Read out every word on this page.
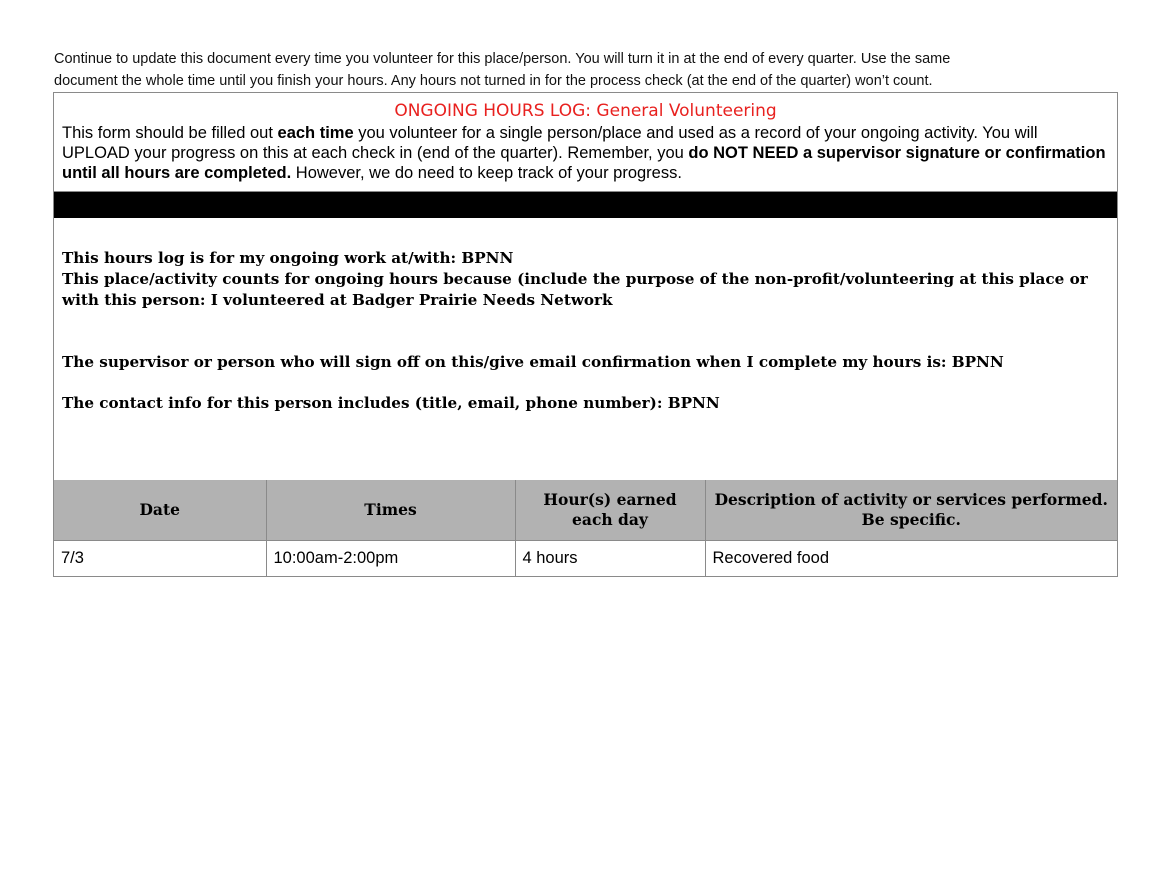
Continue to update this document every time you volunteer for this place/person. You will turn it in at the end of every quarter. Use the same
document the whole time until you finish your hours. Any hours not turned in for the process check (at the end of the quarter) won’t count.
ONGOING HOURS LOG: General Volunteering
This form should be filled out each time you volunteer for a single person/place and used as a record of your ongoing activity. You will UPLOAD your progress on this at each check in (end of the quarter). Remember, you do NOT NEED a supervisor signature or confirmation until all hours are completed. However, we do need to keep track of your progress.
This hours log is for my ongoing work at/with: BPNN
This place/activity counts for ongoing hours because (include the purpose of the non-profit/volunteering at this place or with this person: I volunteered at Badger Prairie Needs Network
The supervisor or person who will sign off on this/give email confirmation when I complete my hours is: BPNN
The contact info for this person includes (title, email, phone number): BPNN
Date	Times	Hour(s) earned each day	Description of activity or services performed. Be specific.
7/3	10:00am-2:00pm	4 hours	Recovered food
